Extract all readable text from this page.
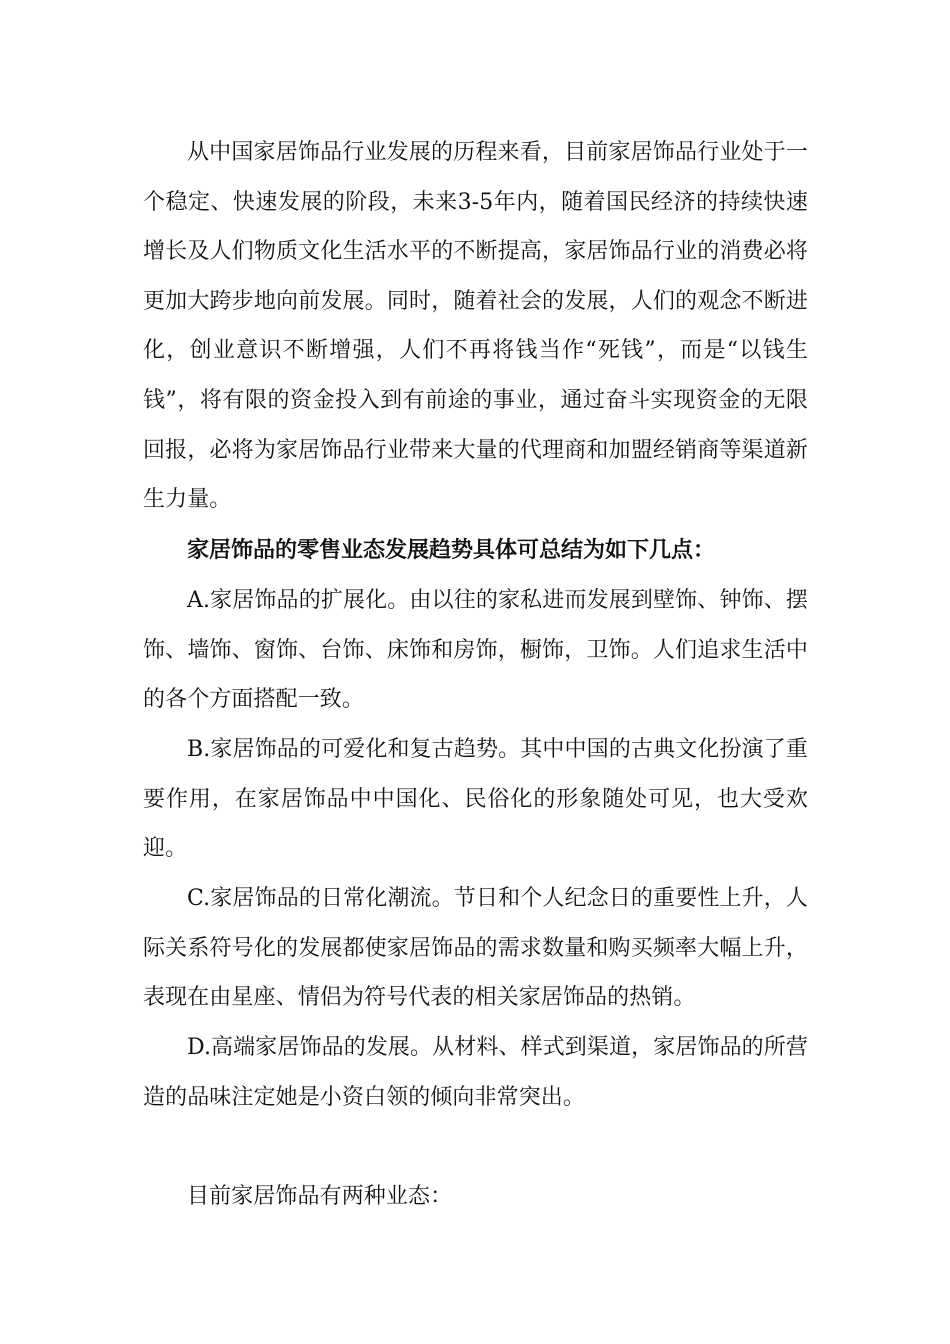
从中国家居饰品行业发展的历程来看，目前家居饰品行业处于一个稳定、快速发展的阶段，未来3-5年内，随着国民经济的持续快速增长及人们物质文化生活水平的不断提高，家居饰品行业的消费必将更加大跨步地向前发展。同时，随着社会的发展，人们的观念不断进化，创业意识不断增强，人们不再将钱当作“死钱”，而是“以钱生钱”，将有限的资金投入到有前途的事业，通过奋斗实现资金的无限回报，必将为家居饰品行业带来大量的代理商和加盟经销商等渠道新生力量。

家居饰品的零售业态发展趋势具体可总结为如下几点：

A.家居饰品的扩展化。由以往的家私进而发展到壁饰、钟饰、摆饰、墙饰、窗饰、台饰、床饰和房饰，橱饰，卫饰。人们追求生活中的各个方面搭配一致。

B.家居饰品的可爱化和复古趋势。其中中国的古典文化扮演了重要作用，在家居饰品中中国化、民俗化的形象随处可见，也大受欢迎。

C.家居饰品的日常化潮流。节日和个人纪念日的重要性上升，人际关系符号化的发展都使家居饰品的需求数量和购买频率大幅上升，表现在由星座、情侣为符号代表的相关家居饰品的热销。

D.高端家居饰品的发展。从材料、样式到渠道，家居饰品的所营造的品味注定她是小资白领的倾向非常突出。

目前家居饰品有两种业态：
